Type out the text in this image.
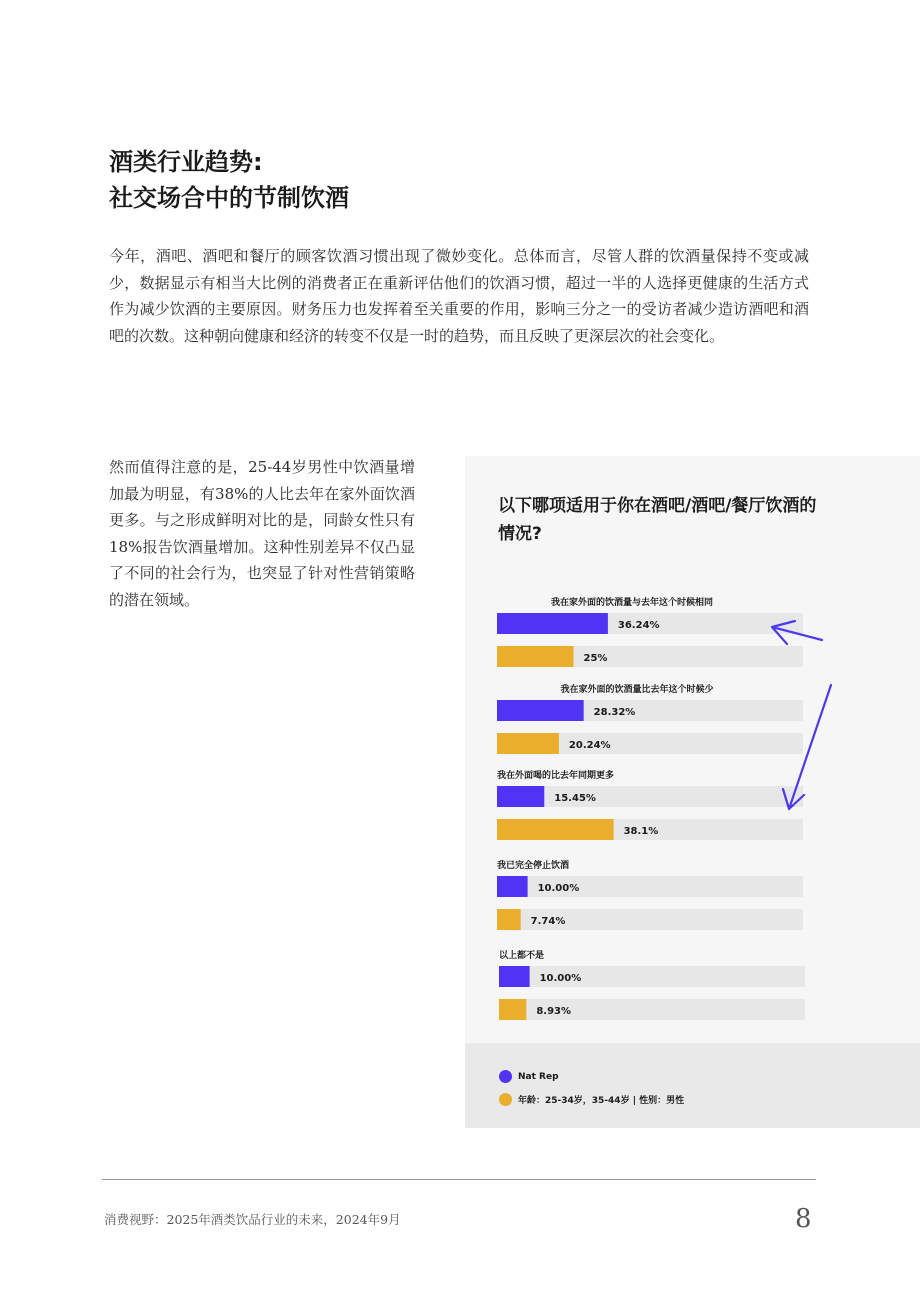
酒类行业趋势:
社交场合中的节制饮酒
今年，酒吧、酒吧和餐厅的顾客饮酒习惯出现了微妙变化。总体而言，尽管人群的饮酒量保持不变或减少，数据显示有相当大比例的消费者正在重新评估他们的饮酒习惯，超过一半的人选择更健康的生活方式作为减少饮酒的主要原因。财务压力也发挥着至关重要的作用，影响三分之一的受访者减少造访酒吧和酒吧的次数。这种朝向健康和经济的转变不仅是一时的趋势，而且反映了更深层次的社会变化。
然而值得注意的是，25-44岁男性中饮酒量增加最为明显，有38%的人比去年在家外面饮酒更多。与之形成鲜明对比的是，同龄女性只有18%报告饮酒量增加。这种性别差异不仅凸显了不同的社会行为，也突显了针对性营销策略的潜在领域。
以下哪项适用于你在酒吧/酒吧/餐厅饮酒的情况?
我在家外面的饮酒量与去年这个时候相同
36.24%
25%
我在家外面的饮酒量比去年这个时候少
28.32%
20.24%
我在外面喝的比去年同期更多
15.45%
38.1%
我已完全停止饮酒
10.00%
7.74%
以上都不是
10.00%
8.93%
Nat Rep
年龄：25-34岁，35-44岁 | 性别：男性
消费视野：2025年酒类饮品行业的未来，2024年9月	8
